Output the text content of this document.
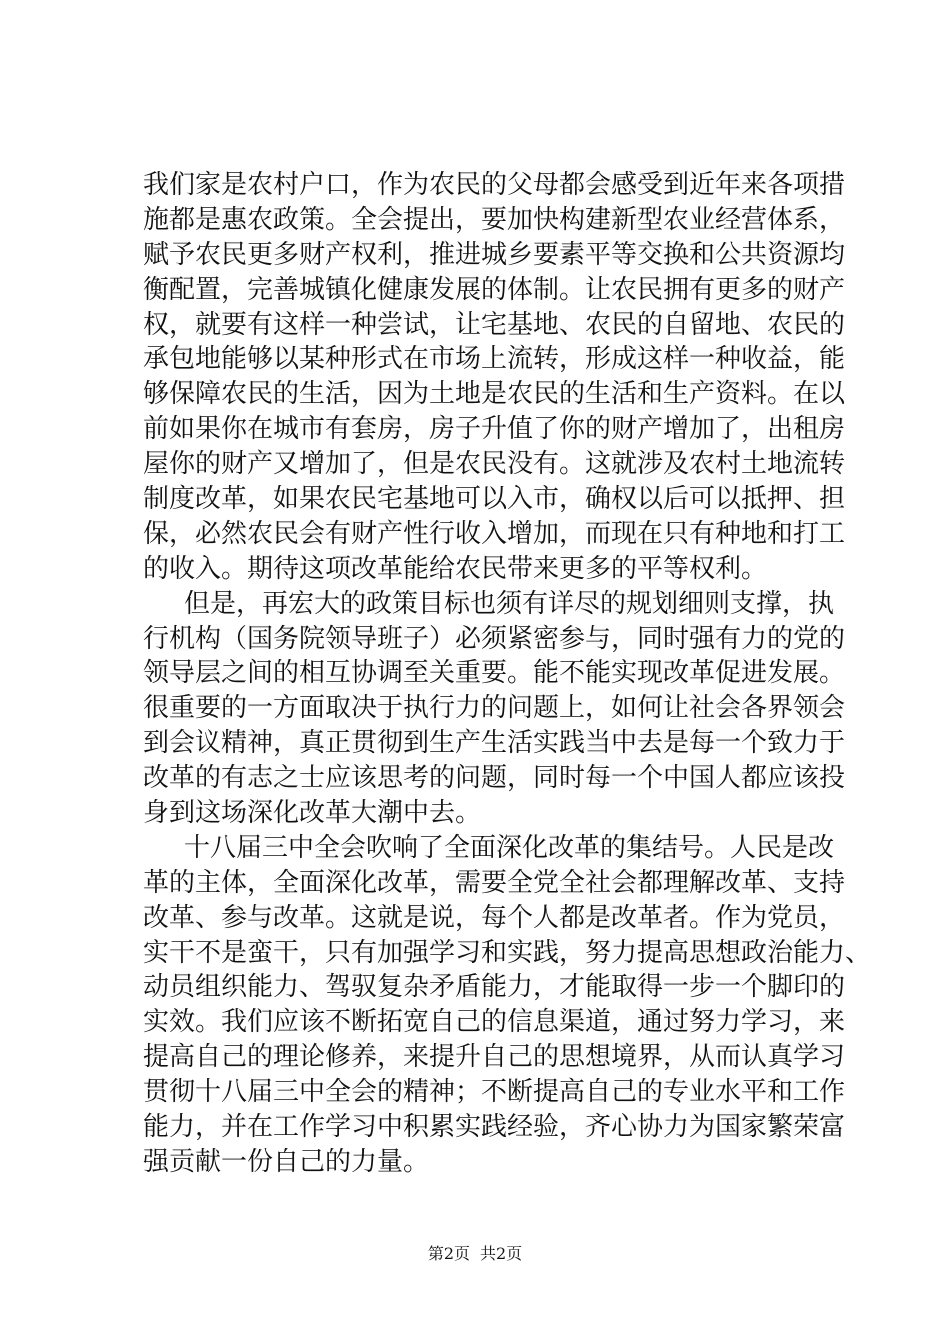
我们家是农村户口，作为农民的父母都会感受到近年来各项措
施都是惠农政策。全会提出，要加快构建新型农业经营体系，
赋予农民更多财产权利，推进城乡要素平等交换和公共资源均
衡配置，完善城镇化健康发展的体制。让农民拥有更多的财产
权，就要有这样一种尝试，让宅基地、农民的自留地、农民的
承包地能够以某种形式在市场上流转，形成这样一种收益，能
够保障农民的生活，因为土地是农民的生活和生产资料。在以
前如果你在城市有套房，房子升值了你的财产增加了，出租房
屋你的财产又增加了，但是农民没有。这就涉及农村土地流转
制度改革，如果农民宅基地可以入市，确权以后可以抵押、担
保，必然农民会有财产性行收入增加，而现在只有种地和打工
的收入。期待这项改革能给农民带来更多的平等权利。
但是，再宏大的政策目标也须有详尽的规划细则支撑，执
行机构（国务院领导班子）必须紧密参与，同时强有力的党的
领导层之间的相互协调至关重要。能不能实现改革促进发展。
很重要的一方面取决于执行力的问题上，如何让社会各界领会
到会议精神，真正贯彻到生产生活实践当中去是每一个致力于
改革的有志之士应该思考的问题，同时每一个中国人都应该投
身到这场深化改革大潮中去。
十八届三中全会吹响了全面深化改革的集结号。人民是改
革的主体，全面深化改革，需要全党全社会都理解改革、支持
改革、参与改革。这就是说，每个人都是改革者。作为党员，
实干不是蛮干，只有加强学习和实践，努力提高思想政治能力、
动员组织能力、驾驭复杂矛盾能力，才能取得一步一个脚印的
实效。我们应该不断拓宽自己的信息渠道，通过努力学习，来
提高自己的理论修养，来提升自己的思想境界，从而认真学习
贯彻十八届三中全会的精神；不断提高自己的专业水平和工作
能力，并在工作学习中积累实践经验，齐心协力为国家繁荣富
强贡献一份自己的力量。
第2页 共2页
